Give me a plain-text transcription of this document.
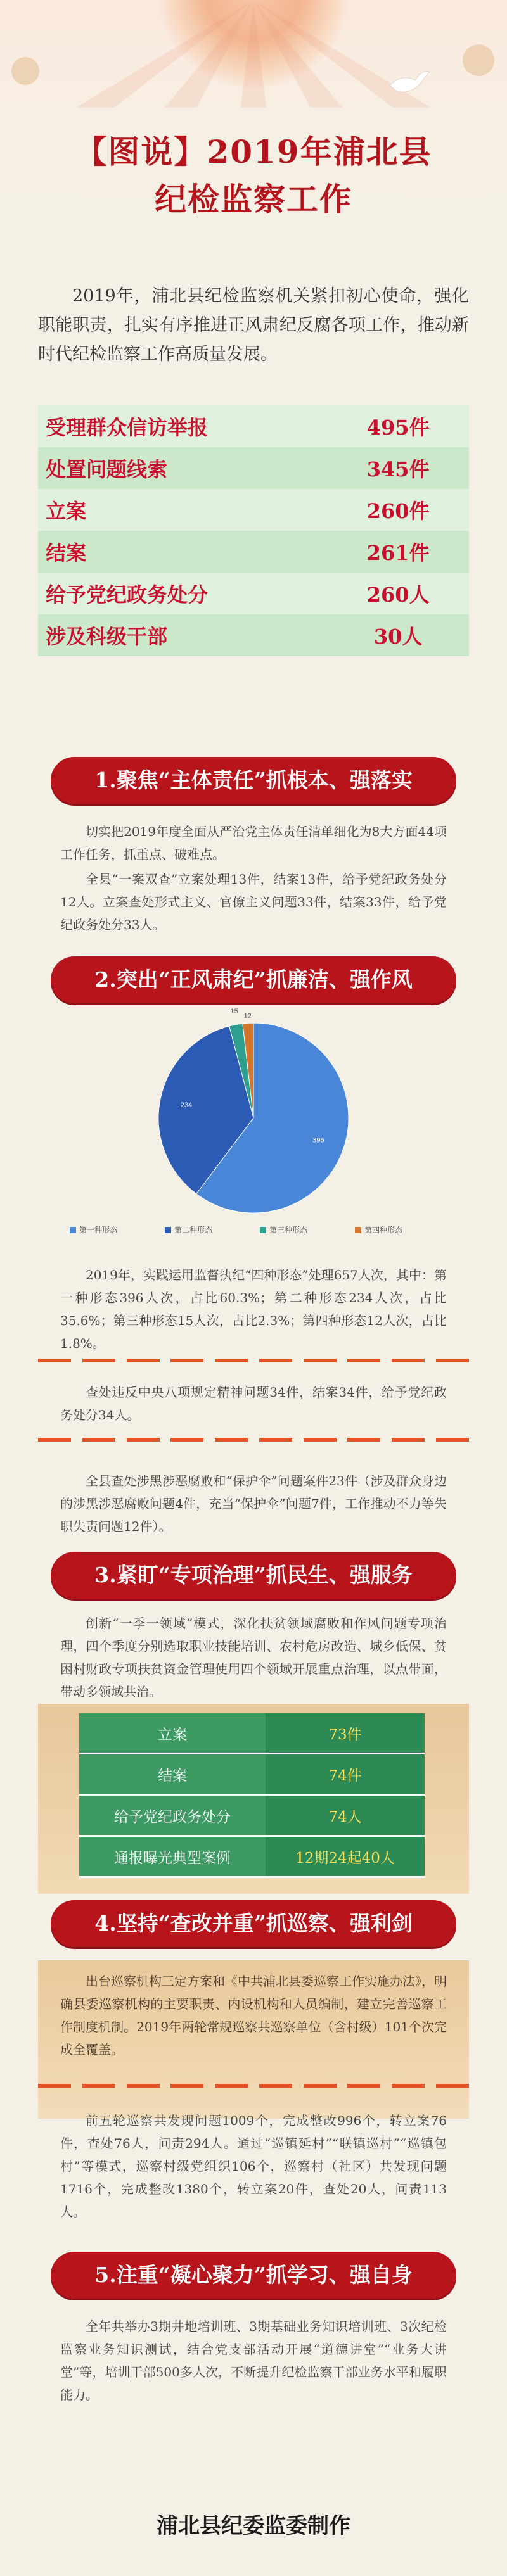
【图说】2019年浦北县
纪检监察工作
2019年，浦北县纪检监察机关紧扣初心使命，强化职能职责，扎实有序推进正风肃纪反腐各项工作，推动新时代纪检监察工作高质量发展。
受理群众信访举报	495件
处置问题线索	345件
立案	260件
结案	261件
给予党纪政务处分	260人
涉及科级干部	30人
1.聚焦“主体责任”抓根本、强落实
切实把2019年度全面从严治党主体责任清单细化为8大方面44项工作任务，抓重点、破难点。
全县“一案双查”立案处理13件，结案13件，给予党纪政务处分12人。立案查处形式主义、官僚主义问题33件，结案33件，给予党纪政务处分33人。
2.突出“正风肃纪”抓廉洁、强作风
396
234
15
12
第一种形态	第二种形态	第三种形态	第四种形态
2019年，实践运用监督执纪“四种形态”处理657人次，其中：第一种形态396人次，占比60.3%；第二种形态234人次，占比35.6%；第三种形态15人次，占比2.3%；第四种形态12人次，占比1.8%。
查处违反中央八项规定精神问题34件，结案34件，给予党纪政务处分34人。
全县查处涉黑涉恶腐败和“保护伞”问题案件23件（涉及群众身边的涉黑涉恶腐败问题4件，充当“保护伞”问题7件，工作推动不力等失职失责问题12件）。
3.紧盯“专项治理”抓民生、强服务
创新“一季一领域”模式，深化扶贫领域腐败和作风问题专项治理，四个季度分别选取职业技能培训、农村危房改造、城乡低保、贫困村财政专项扶贫资金管理使用四个领域开展重点治理，以点带面，带动多领域共治。
立案	73件
结案	74件
给予党纪政务处分	74人
通报曝光典型案例	12期24起40人
4.坚持“查改并重”抓巡察、强利剑
出台巡察机构三定方案和《中共浦北县委巡察工作实施办法》，明确县委巡察机构的主要职责、内设机构和人员编制，建立完善巡察工作制度机制。2019年两轮常规巡察共巡察单位（含村级）101个次完成全覆盖。
前五轮巡察共发现问题1009个，完成整改996个，转立案76件，查处76人，问责294人。通过“巡镇延村”“联镇巡村”“巡镇包村”等模式，巡察村级党组织106个，巡察村（社区）共发现问题1716个，完成整改1380个，转立案20件，查处20人，问责113人。
5.注重“凝心聚力”抓学习、强自身
全年共举办3期井地培训班、3期基础业务知识培训班、3次纪检监察业务知识测试，结合党支部活动开展“道德讲堂”“业务大讲堂”等，培训干部500多人次，不断提升纪检监察干部业务水平和履职能力。
浦北县纪委监委制作
